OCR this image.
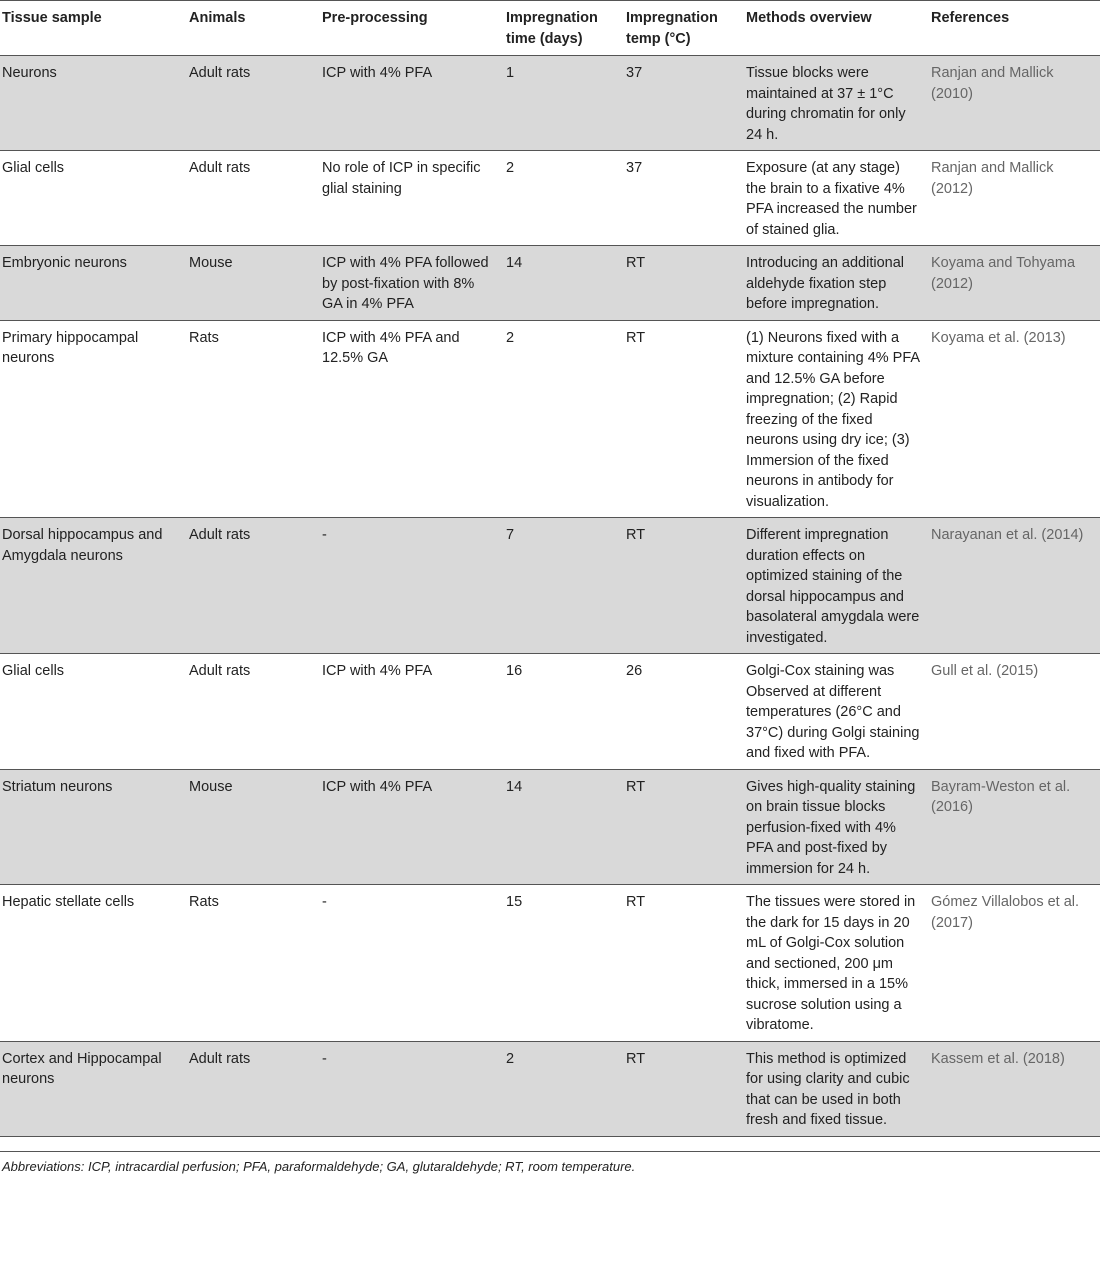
Tissue sample	Animals	Pre-processing	Impregnation time (days)	Impregnation temp (°C)	Methods overview	References
Neurons	Adult rats	ICP with 4% PFA	1	37	Tissue blocks were maintained at 37 ± 1°C during chromatin for only 24 h.	Ranjan and Mallick (2010)
Glial cells	Adult rats	No role of ICP in specific glial staining	2	37	Exposure (at any stage) the brain to a fixative 4% PFA increased the number of stained glia.	Ranjan and Mallick (2012)
Embryonic neurons	Mouse	ICP with 4% PFA followed by post-fixation with 8% GA in 4% PFA	14	RT	Introducing an additional aldehyde fixation step before impregnation.	Koyama and Tohyama (2012)
Primary hippocampal neurons	Rats	ICP with 4% PFA and 12.5% GA	2	RT	(1) Neurons fixed with a mixture containing 4% PFA and 12.5% GA before impregnation; (2) Rapid freezing of the fixed neurons using dry ice; (3) Immersion of the fixed neurons in antibody for visualization.	Koyama et al. (2013)
Dorsal hippocampus and Amygdala neurons	Adult rats	-	7	RT	Different impregnation duration effects on optimized staining of the dorsal hippocampus and basolateral amygdala were investigated.	Narayanan et al. (2014)
Glial cells	Adult rats	ICP with 4% PFA	16	26	Golgi-Cox staining was Observed at different temperatures (26°C and 37°C) during Golgi staining and fixed with PFA.	Gull et al. (2015)
Striatum neurons	Mouse	ICP with 4% PFA	14	RT	Gives high-quality staining on brain tissue blocks perfusion-fixed with 4% PFA and post-fixed by immersion for 24 h.	Bayram-Weston et al. (2016)
Hepatic stellate cells	Rats	-	15	RT	The tissues were stored in the dark for 15 days in 20 mL of Golgi-Cox solution and sectioned, 200 μm thick, immersed in a 15% sucrose solution using a vibratome.	Gómez Villalobos et al. (2017)
Cortex and Hippocampal neurons	Adult rats	-	2	RT	This method is optimized for using clarity and cubic that can be used in both fresh and fixed tissue.	Kassem et al. (2018)
Abbreviations: ICP, intracardial perfusion; PFA, paraformaldehyde; GA, glutaraldehyde; RT, room temperature.
